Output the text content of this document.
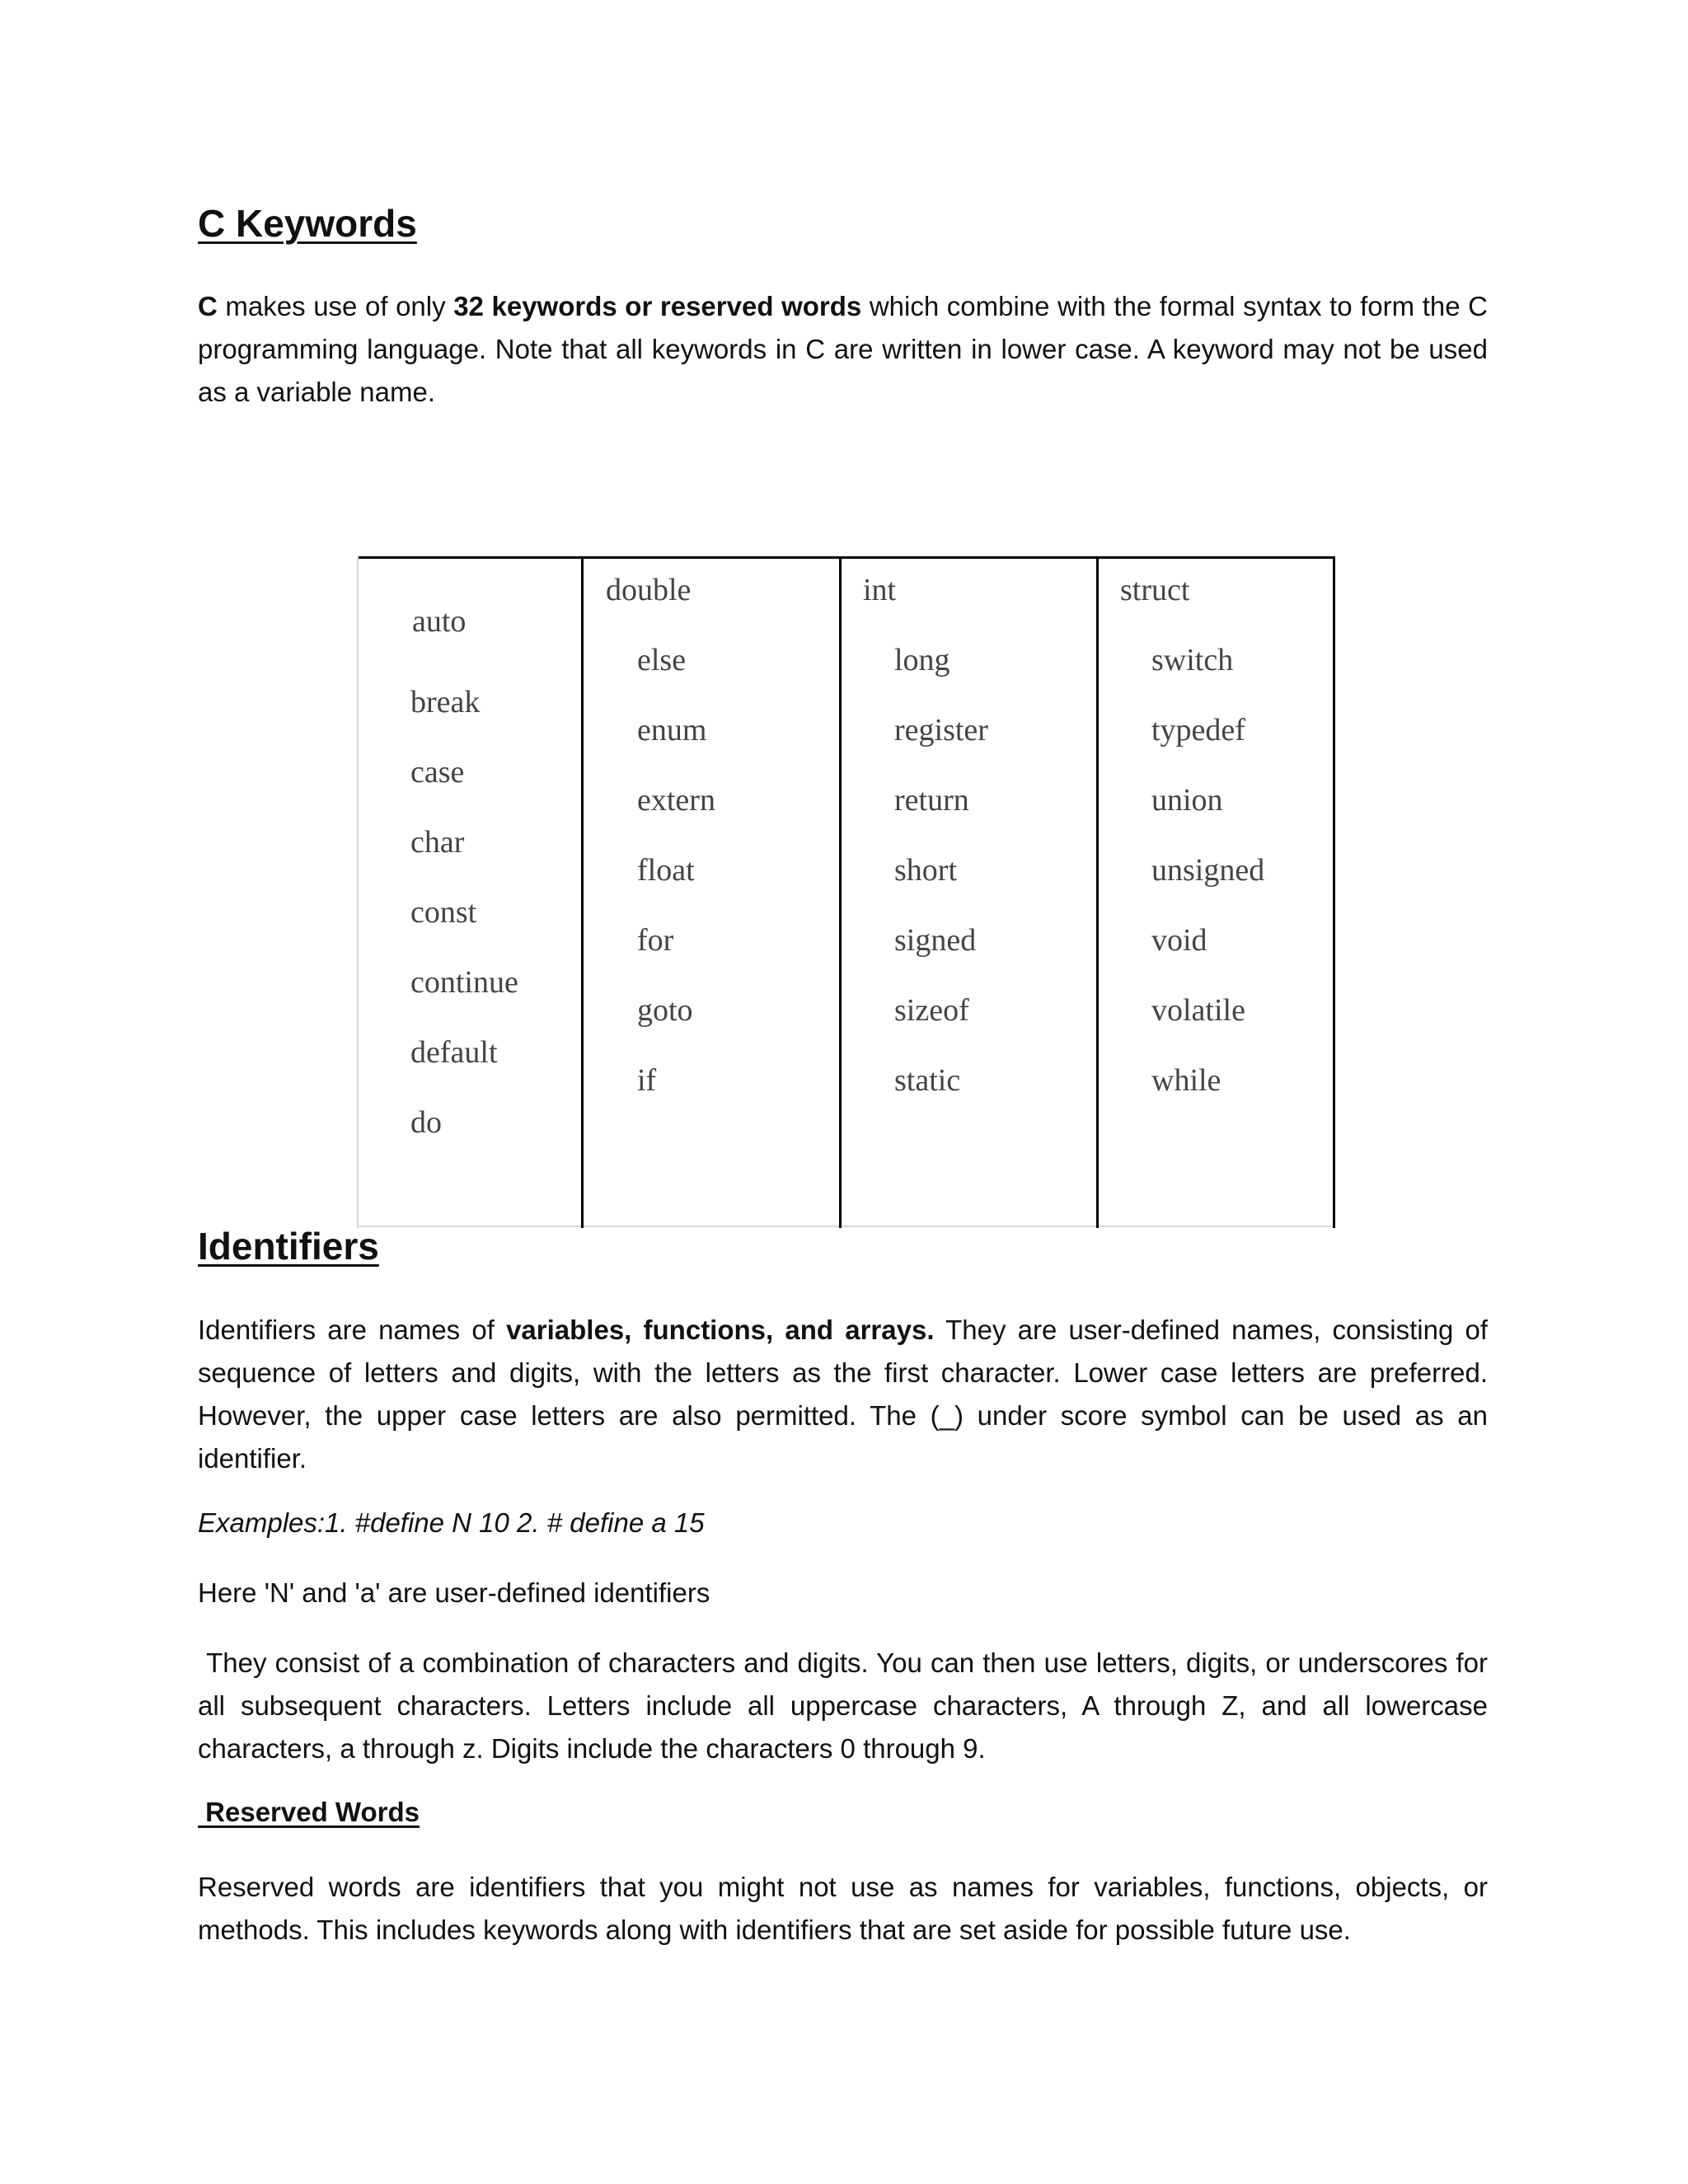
C Keywords

C makes use of only 32 keywords or reserved words which combine with the formal syntax to form the C programming language. Note that all keywords in C are written in lower case. A keyword may not be used as a variable name.

auto
break
case
char
const
continue
default
do
double
else
enum
extern
float
for
goto
if
int
long
register
return
short
signed
sizeof
static
struct
switch
typedef
union
unsigned
void
volatile
while
Identifiers

Identifiers are names of variables, functions, and arrays. They are user-defined names, consisting of sequence of letters and digits, with the letters as the first character. Lower case letters are preferred. However, the upper case letters are also permitted. The (_) under score symbol can be used as an identifier.

Examples:1. #define N 10 2. # define a 15

Here 'N' and 'a' are user-defined identifiers

They consist of a combination of characters and digits. You can then use letters, digits, or underscores for all subsequent characters. Letters include all uppercase characters, A through Z, and all lowercase characters, a through z. Digits include the characters 0 through 9.

Reserved Words

Reserved words are identifiers that you might not use as names for variables, functions, objects, or methods. This includes keywords along with identifiers that are set aside for possible future use.
